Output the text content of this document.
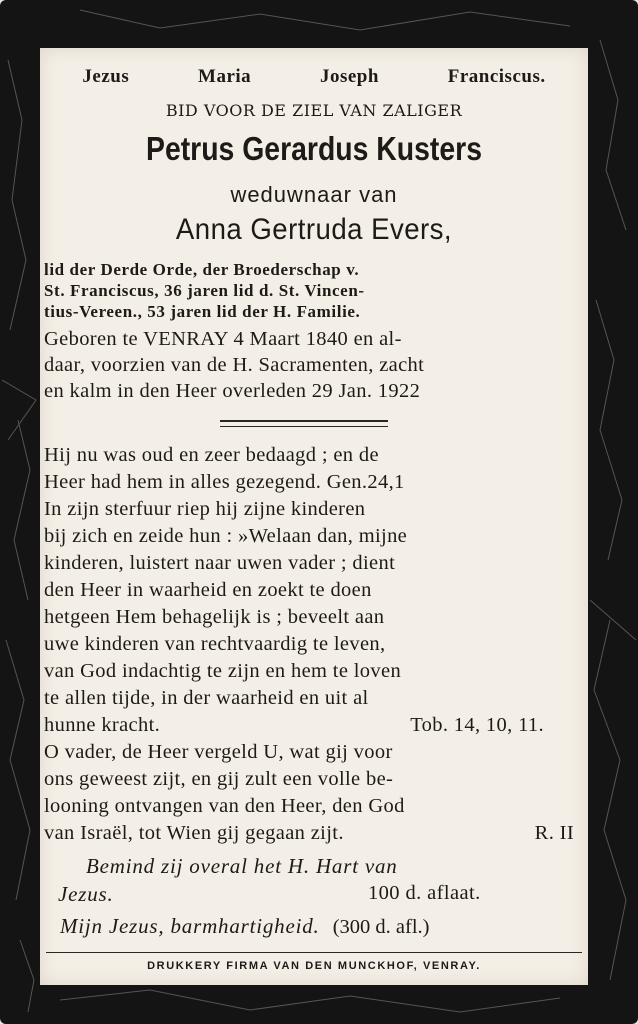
Jezus	Maria	Joseph	Franciscus.
BID VOOR DE ZIEL VAN ZALIGER
Petrus Gerardus Kusters
weduwnaar van
Anna Gertruda Evers,
lid der Derde Orde, der Broederschap v.
St. Franciscus, 36 jaren lid d. St. Vincen-
tius-Vereen., 53 jaren lid der H. Familie.
Geboren te VENRAY 4 Maart 1840 en al-
daar, voorzien van de H. Sacramenten, zacht
en kalm in den Heer overleden 29 Jan. 1922
Hij nu was oud en zeer bedaagd ; en de
Heer had hem in alles gezegend. Gen.24,1
In zijn sterfuur riep hij zijne kinderen
bij zich en zeide hun : »Welaan dan, mijne
kinderen, luistert naar uwen vader ; dient
den Heer in waarheid en zoekt te doen
hetgeen Hem behagelijk is ; beveelt aan
uwe kinderen van rechtvaardig te leven,
van God indachtig te zijn en hem te loven
te allen tijde, in der waarheid en uit al
hunne kracht.	Tob. 14, 10, 11.
O vader, de Heer vergeld U, wat gij voor
ons geweest zijt, en gij zult een volle be-
looning ontvangen van den Heer, den God
van Israël, tot Wien gij gegaan zijt.	R. II
Bemind zij overal het H. Hart van
Jezus.	100 d. aflaat.
Mijn Jezus, barmhartigheid. (300 d. afl.)
DRUKKERY FIRMA VAN DEN MUNCKHOF, VENRAY.
